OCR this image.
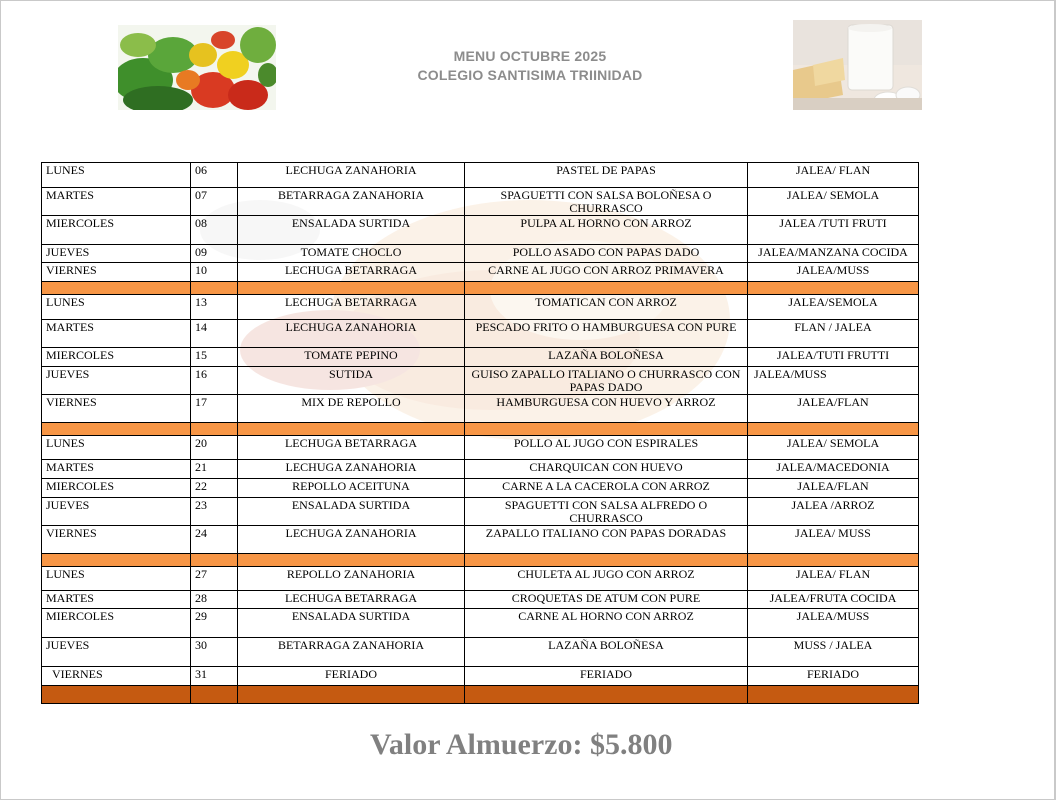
MENU OCTUBRE 2025
COLEGIO SANTISIMA TRIINIDAD
LUNES	06	LECHUGA ZANAHORIA	PASTEL DE PAPAS	JALEA/ FLAN
MARTES	07	BETARRAGA ZANAHORIA	SPAGUETTI CON SALSA BOLOÑESA O CHURRASCO	JALEA/ SEMOLA
MIERCOLES	08	ENSALADA SURTIDA	PULPA AL HORNO CON ARROZ	JALEA /TUTI FRUTI
JUEVES	09	TOMATE CHOCLO	POLLO ASADO CON PAPAS DADO	JALEA/MANZANA COCIDA
VIERNES	10	LECHUGA BETARRAGA	CARNE AL JUGO CON ARROZ PRIMAVERA	JALEA/MUSS

LUNES	13	LECHUGA BETARRAGA	TOMATICAN CON ARROZ	JALEA/SEMOLA
MARTES	14	LECHUGA ZANAHORIA	PESCADO FRITO O HAMBURGUESA CON PURE	FLAN / JALEA
MIERCOLES	15	TOMATE PEPINO	LAZAÑA BOLOÑESA	JALEA/TUTI FRUTTI
JUEVES	16	SUTIDA	GUISO ZAPALLO ITALIANO O CHURRASCO CON PAPAS DADO	JALEA/MUSS
VIERNES	17	MIX DE REPOLLO	HAMBURGUESA CON HUEVO Y ARROZ	JALEA/FLAN

LUNES	20	LECHUGA BETARRAGA	POLLO AL JUGO CON ESPIRALES	JALEA/ SEMOLA
MARTES	21	LECHUGA ZANAHORIA	CHARQUICAN CON HUEVO	JALEA/MACEDONIA
MIERCOLES	22	REPOLLO ACEITUNA	CARNE A LA CACEROLA CON ARROZ	JALEA/FLAN
JUEVES	23	ENSALADA SURTIDA	SPAGUETTI CON SALSA ALFREDO O CHURRASCO	JALEA /ARROZ
VIERNES	24	LECHUGA ZANAHORIA	ZAPALLO ITALIANO CON PAPAS DORADAS	JALEA/ MUSS

LUNES	27	REPOLLO ZANAHORIA	CHULETA AL JUGO CON ARROZ	JALEA/ FLAN
MARTES	28	LECHUGA BETARRAGA	CROQUETAS DE ATUM CON PURE	JALEA/FRUTA COCIDA
MIERCOLES	29	ENSALADA SURTIDA	CARNE AL HORNO CON ARROZ	JALEA/MUSS
JUEVES	30	BETARRAGA ZANAHORIA	LAZAÑA BOLOÑESA	MUSS / JALEA
VIERNES	31	FERIADO	FERIADO	FERIADO

Valor Almuerzo: $5.800
